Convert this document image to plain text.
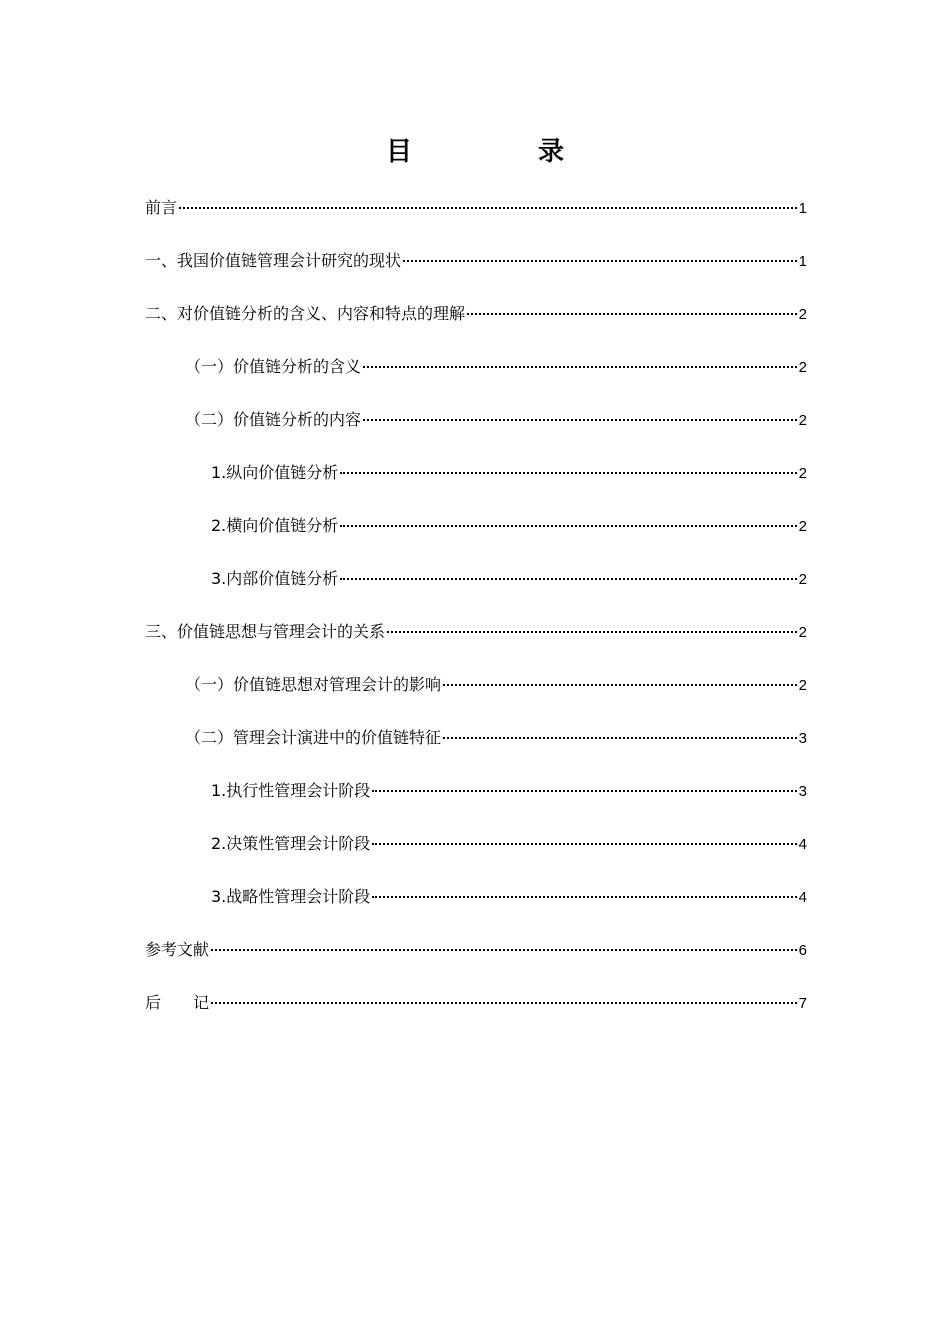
目　录
前言	1
一、我国价值链管理会计研究的现状	1
二、对价值链分析的含义、内容和特点的理解	2
（一）价值链分析的含义	2
（二）价值链分析的内容	2
1.纵向价值链分析	2
2.横向价值链分析	2
3.内部价值链分析	2
三、价值链思想与管理会计的关系	2
（一）价值链思想对管理会计的影响	2
（二）管理会计演进中的价值链特征	3
1.执行性管理会计阶段	3
2.决策性管理会计阶段	4
3.战略性管理会计阶段	4
参考文献	6
后　　记	7
